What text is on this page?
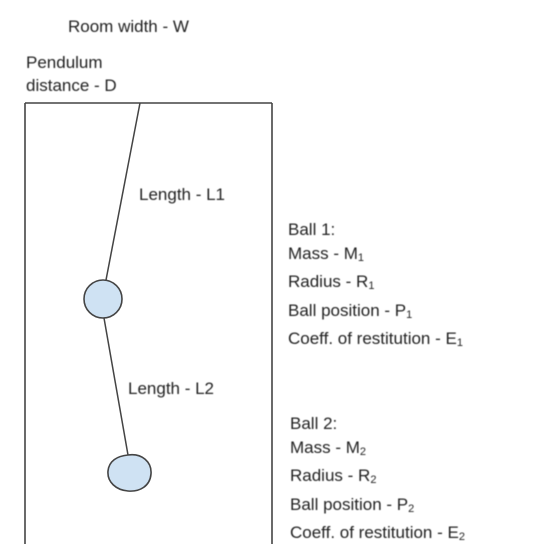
Room width - W
Pendulum
distance - D
Length - L1
Length - L2
Ball 1:
Mass - M1
Radius - R1
Ball position - P1
Coeff. of restitution - E1
Ball 2:
Mass - M2
Radius - R2
Ball position - P2
Coeff. of restitution - E2
